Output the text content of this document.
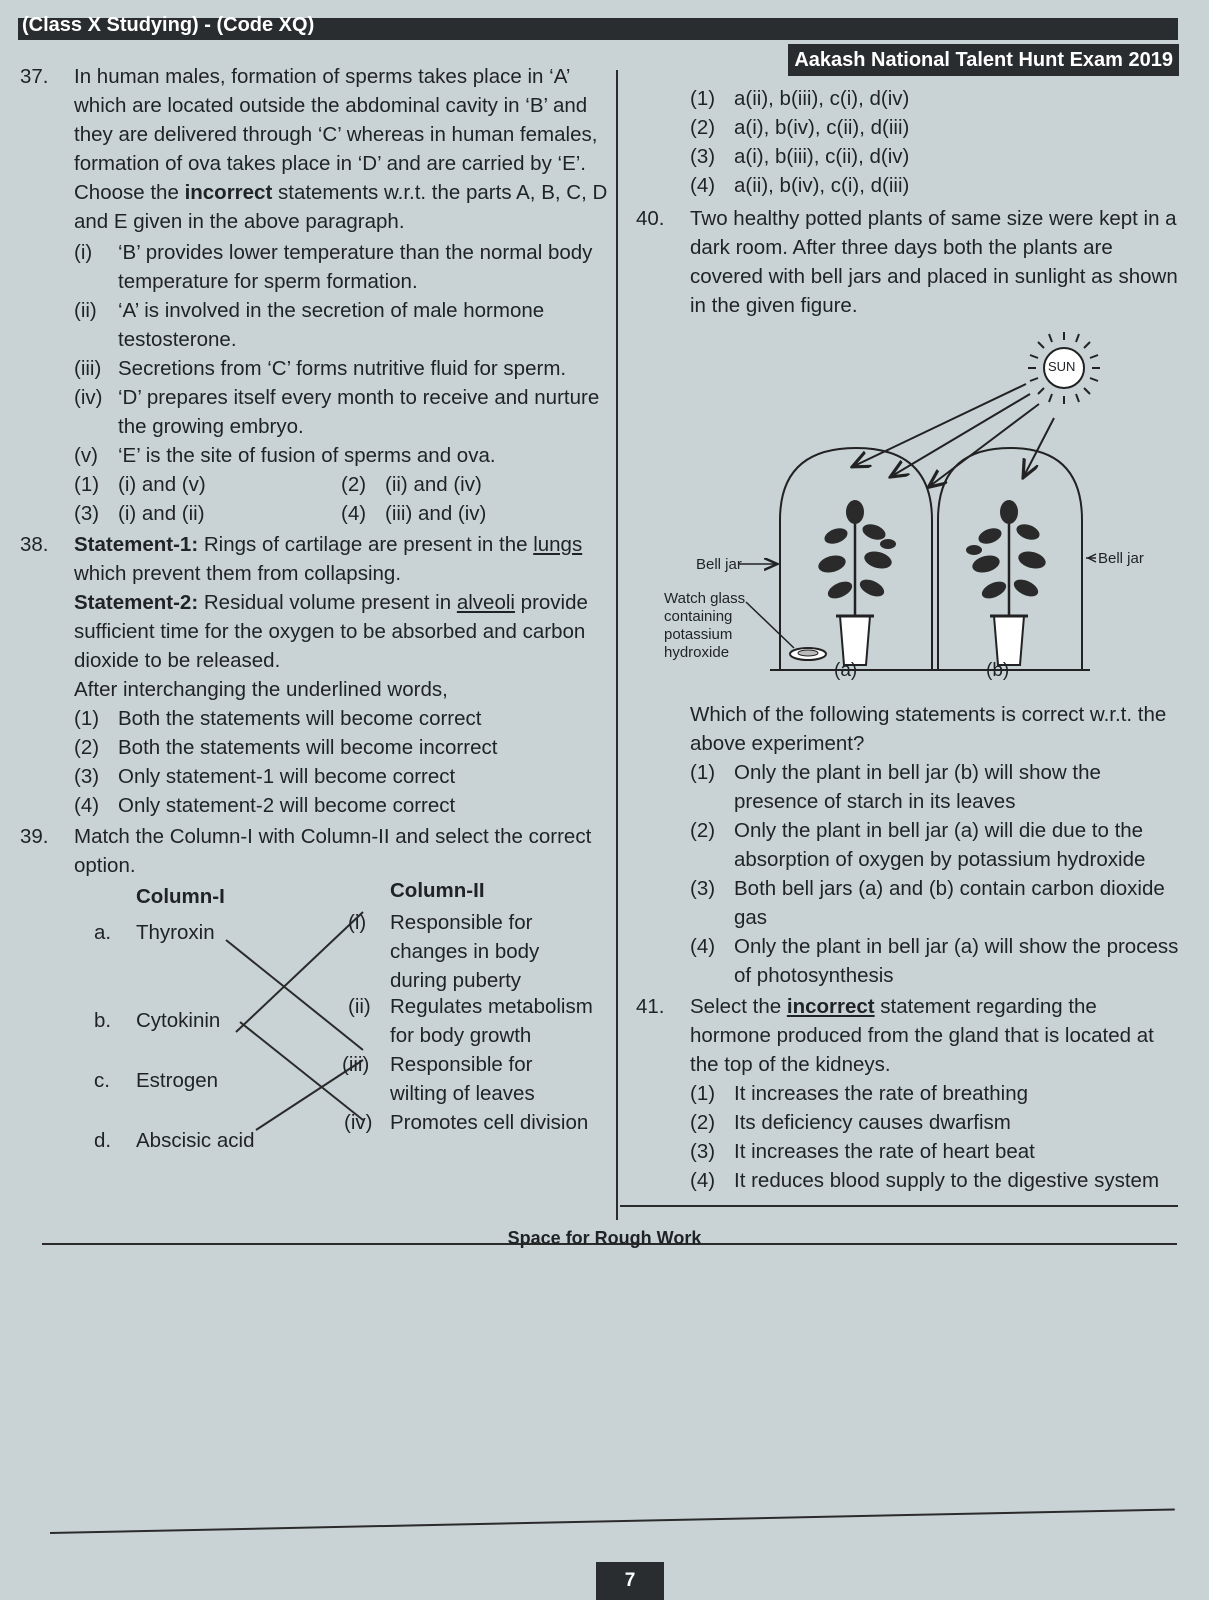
(Class X Studying) - (Code XQ)
Aakash National Talent Hunt Exam 2019
37. In human males, formation of sperms takes place in ‘A’ which are located outside the abdominal cavity in ‘B’ and they are delivered through ‘C’ whereas in human females, formation of ova takes place in ‘D’ and are carried by ‘E’.

Choose the incorrect statements w.r.t. the parts A, B, C, D and E given in the above paragraph.

(i) ‘B’ provides lower temperature than the normal body temperature for sperm formation.
(ii) ‘A’ is involved in the secretion of male hormone testosterone.
(iii) Secretions from ‘C’ forms nutritive fluid for sperm.
(iv) ‘D’ prepares itself every month to receive and nurture the growing embryo.
(v) ‘E’ is the site of fusion of sperms and ova.
(1) (i) and (v)	(2) (ii) and (iv)
(3) (i) and (ii)	(4) (iii) and (iv)
38. Statement-1: Rings of cartilage are present in the lungs which prevent them from collapsing.

Statement-2: Residual volume present in alveoli provide sufficient time for the oxygen to be absorbed and carbon dioxide to be released.

After interchanging the underlined words,

(1) Both the statements will become correct
(2) Both the statements will become incorrect
(3) Only statement-1 will become correct
(4) Only statement-2 will become correct
39. Match the Column-I with Column-II and select the correct option.

Column-I	Column-II
a. Thyroxin
b. Cytokinin
c. Estrogen
d. Abscisic acid
(i) Responsible for changes in body during puberty
(ii) Regulates metabolism for body growth
(iii) Responsible for wilting of leaves
(iv) Promotes cell division
(1) a(ii), b(iii), c(i), d(iv)
(2) a(i), b(iv), c(ii), d(iii)
(3) a(i), b(iii), c(ii), d(iv)
(4) a(ii), b(iv), c(i), d(iii)
40. Two healthy potted plants of same size were kept in a dark room. After three days both the plants are covered with bell jars and placed in sunlight as shown in the given figure.

SUN
Bell jar	Bell jar
Watch glass containing potassium hydroxide
(a)	(b)

Which of the following statements is correct w.r.t. the above experiment?

(1) Only the plant in bell jar (b) will show the presence of starch in its leaves
(2) Only the plant in bell jar (a) will die due to the absorption of oxygen by potassium hydroxide
(3) Both bell jars (a) and (b) contain carbon dioxide gas
(4) Only the plant in bell jar (a) will show the process of photosynthesis
41. Select the incorrect statement regarding the hormone produced from the gland that is located at the top of the kidneys.

(1) It increases the rate of breathing
(2) Its deficiency causes dwarfism
(3) It increases the rate of heart beat
(4) It reduces blood supply to the digestive system
Space for Rough Work
7
